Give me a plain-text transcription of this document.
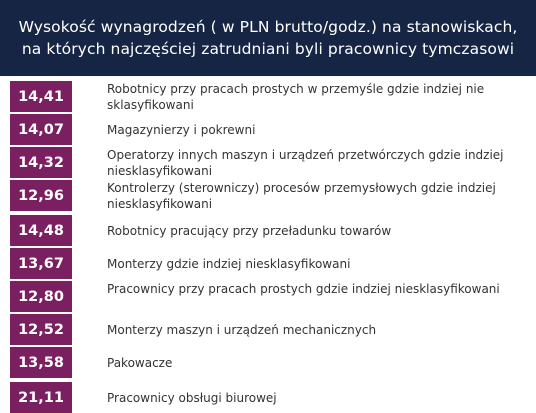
Wysokość wynagrodzeń ( w PLN brutto/godz.) na stanowiskach, na których najczęściej zatrudniani byli pracownicy tymczasowi
14,41	Robotnicy przy pracach prostych w przemyśle gdzie indziej nie sklasyfikowani
14,07	Magazynierzy i pokrewni
14,32	Operatorzy innych maszyn i urządzeń przetwórczych gdzie indziej niesklasyfikowani
12,96	Kontrolerzy (sterowniczy) procesów przemysłowych gdzie indziej niesklasyfikowani
14,48	Robotnicy pracujący przy przeładunku towarów
13,67	Monterzy gdzie indziej niesklasyfikowani
12,80	Pracownicy przy pracach prostych gdzie indziej niesklasyfikowani
12,52	Monterzy maszyn i urządzeń mechanicznych
13,58	Pakowacze
21,11	Pracownicy obsługi biurowej
